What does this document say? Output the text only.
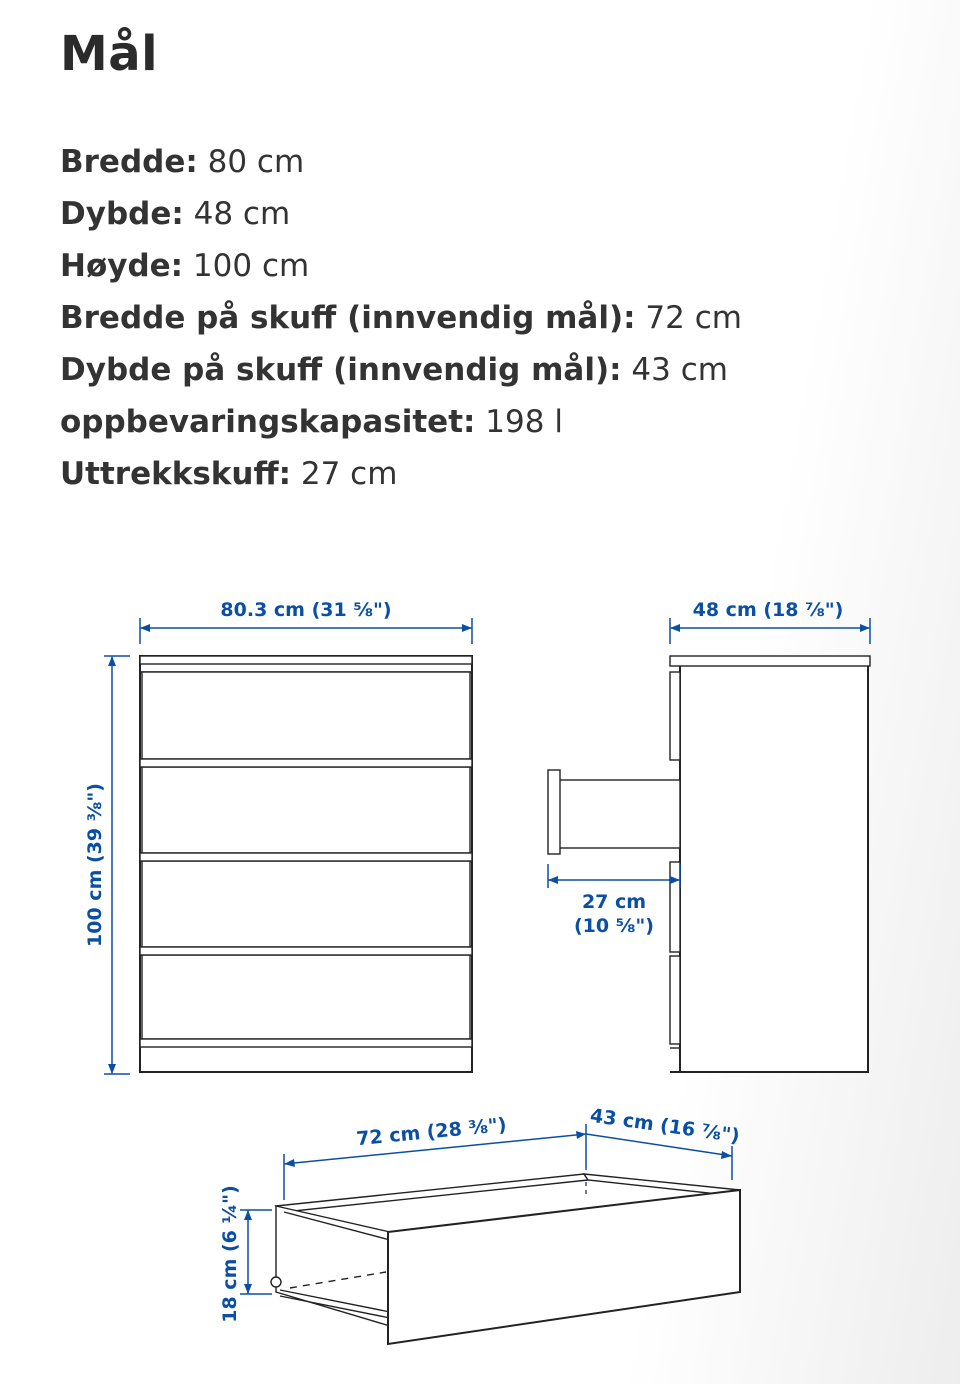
Mål
Bredde: 80 cm
Dybde: 48 cm
Høyde: 100 cm
Bredde på skuff (innvendig mål): 72 cm
Dybde på skuff (innvendig mål): 43 cm
oppbevaringskapasitet: 198 l
Uttrekkskuff: 27 cm
80.3 cm (31 ⅝")
100 cm (39 ⅜")
48 cm (18 ⅞")
27 cm
(10 ⅝")
72 cm (28 ⅜")	43 cm (16 ⅞")
18 cm (6 ¼")
